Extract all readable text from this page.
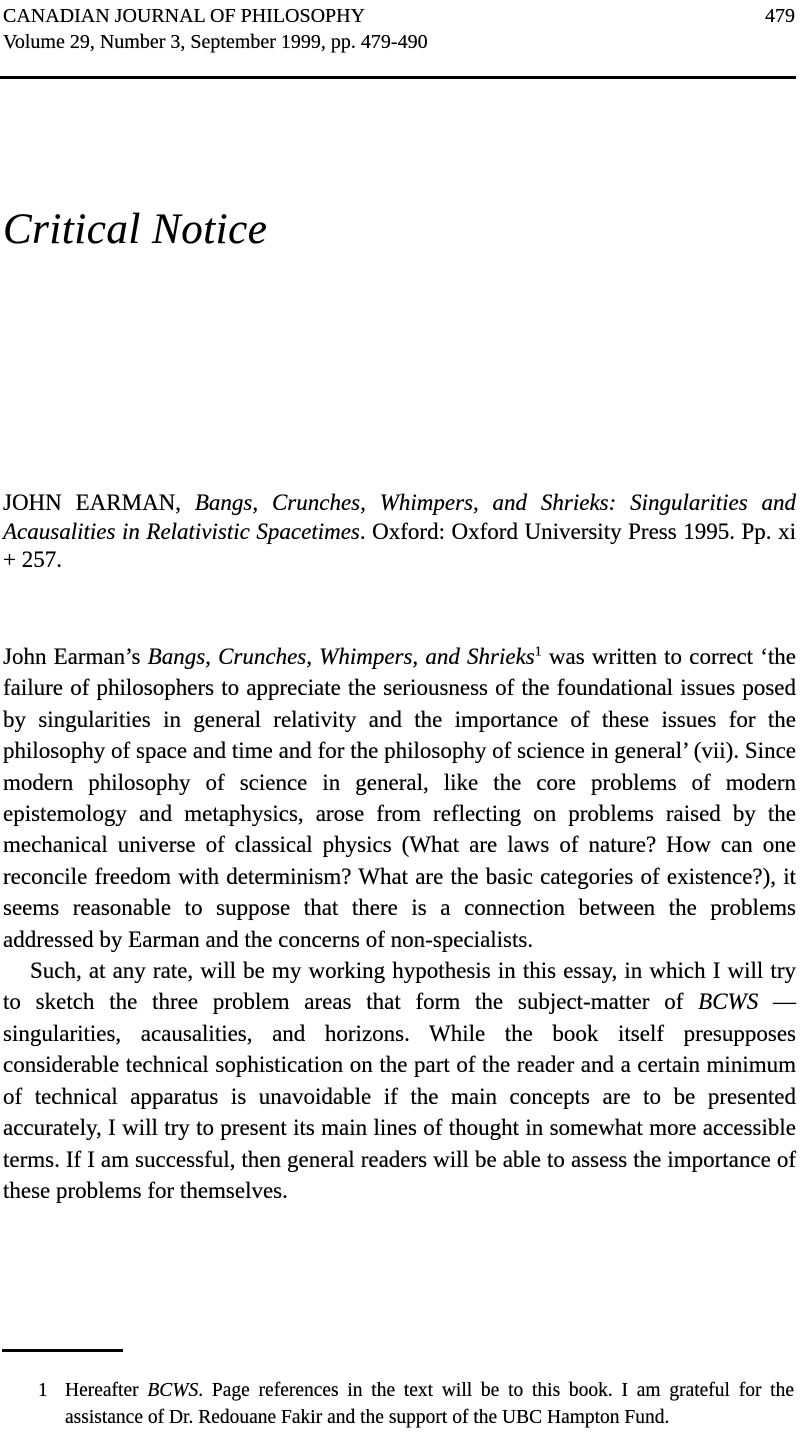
CANADIAN JOURNAL OF PHILOSOPHY	479
Volume 29, Number 3, September 1999, pp. 479-490
Critical Notice

JOHN EARMAN, Bangs, Crunches, Whimpers, and Shrieks: Singularities and Acausalities in Relativistic Spacetimes. Oxford: Oxford University Press 1995. Pp. xi + 257.

John Earman’s Bangs, Crunches, Whimpers, and Shrieks$^1$ was written to correct ‘the failure of philosophers to appreciate the seriousness of the foundational issues posed by singularities in general relativity and the importance of these issues for the philosophy of space and time and for the philosophy of science in general’ (vii). Since modern philosophy of science in general, like the core problems of modern epistemology and metaphysics, arose from reflecting on problems raised by the mechanical universe of classical physics (What are laws of nature? How can one reconcile freedom with determinism? What are the basic categories of existence?), it seems reasonable to suppose that there is a connection between the problems addressed by Earman and the concerns of non-specialists.

Such, at any rate, will be my working hypothesis in this essay, in which I will try to sketch the three problem areas that form the subject-matter of BCWS — singularities, acausalities, and horizons. While the book itself presupposes considerable technical sophistication on the part of the reader and a certain minimum of technical apparatus is unavoidable if the main concepts are to be presented accurately, I will try to present its main lines of thought in somewhat more accessible terms. If I am successful, then general readers will be able to assess the importance of these problems for themselves.

1 Hereafter BCWS. Page references in the text will be to this book. I am grateful for the assistance of Dr. Redouane Fakir and the support of the UBC Hampton Fund.
